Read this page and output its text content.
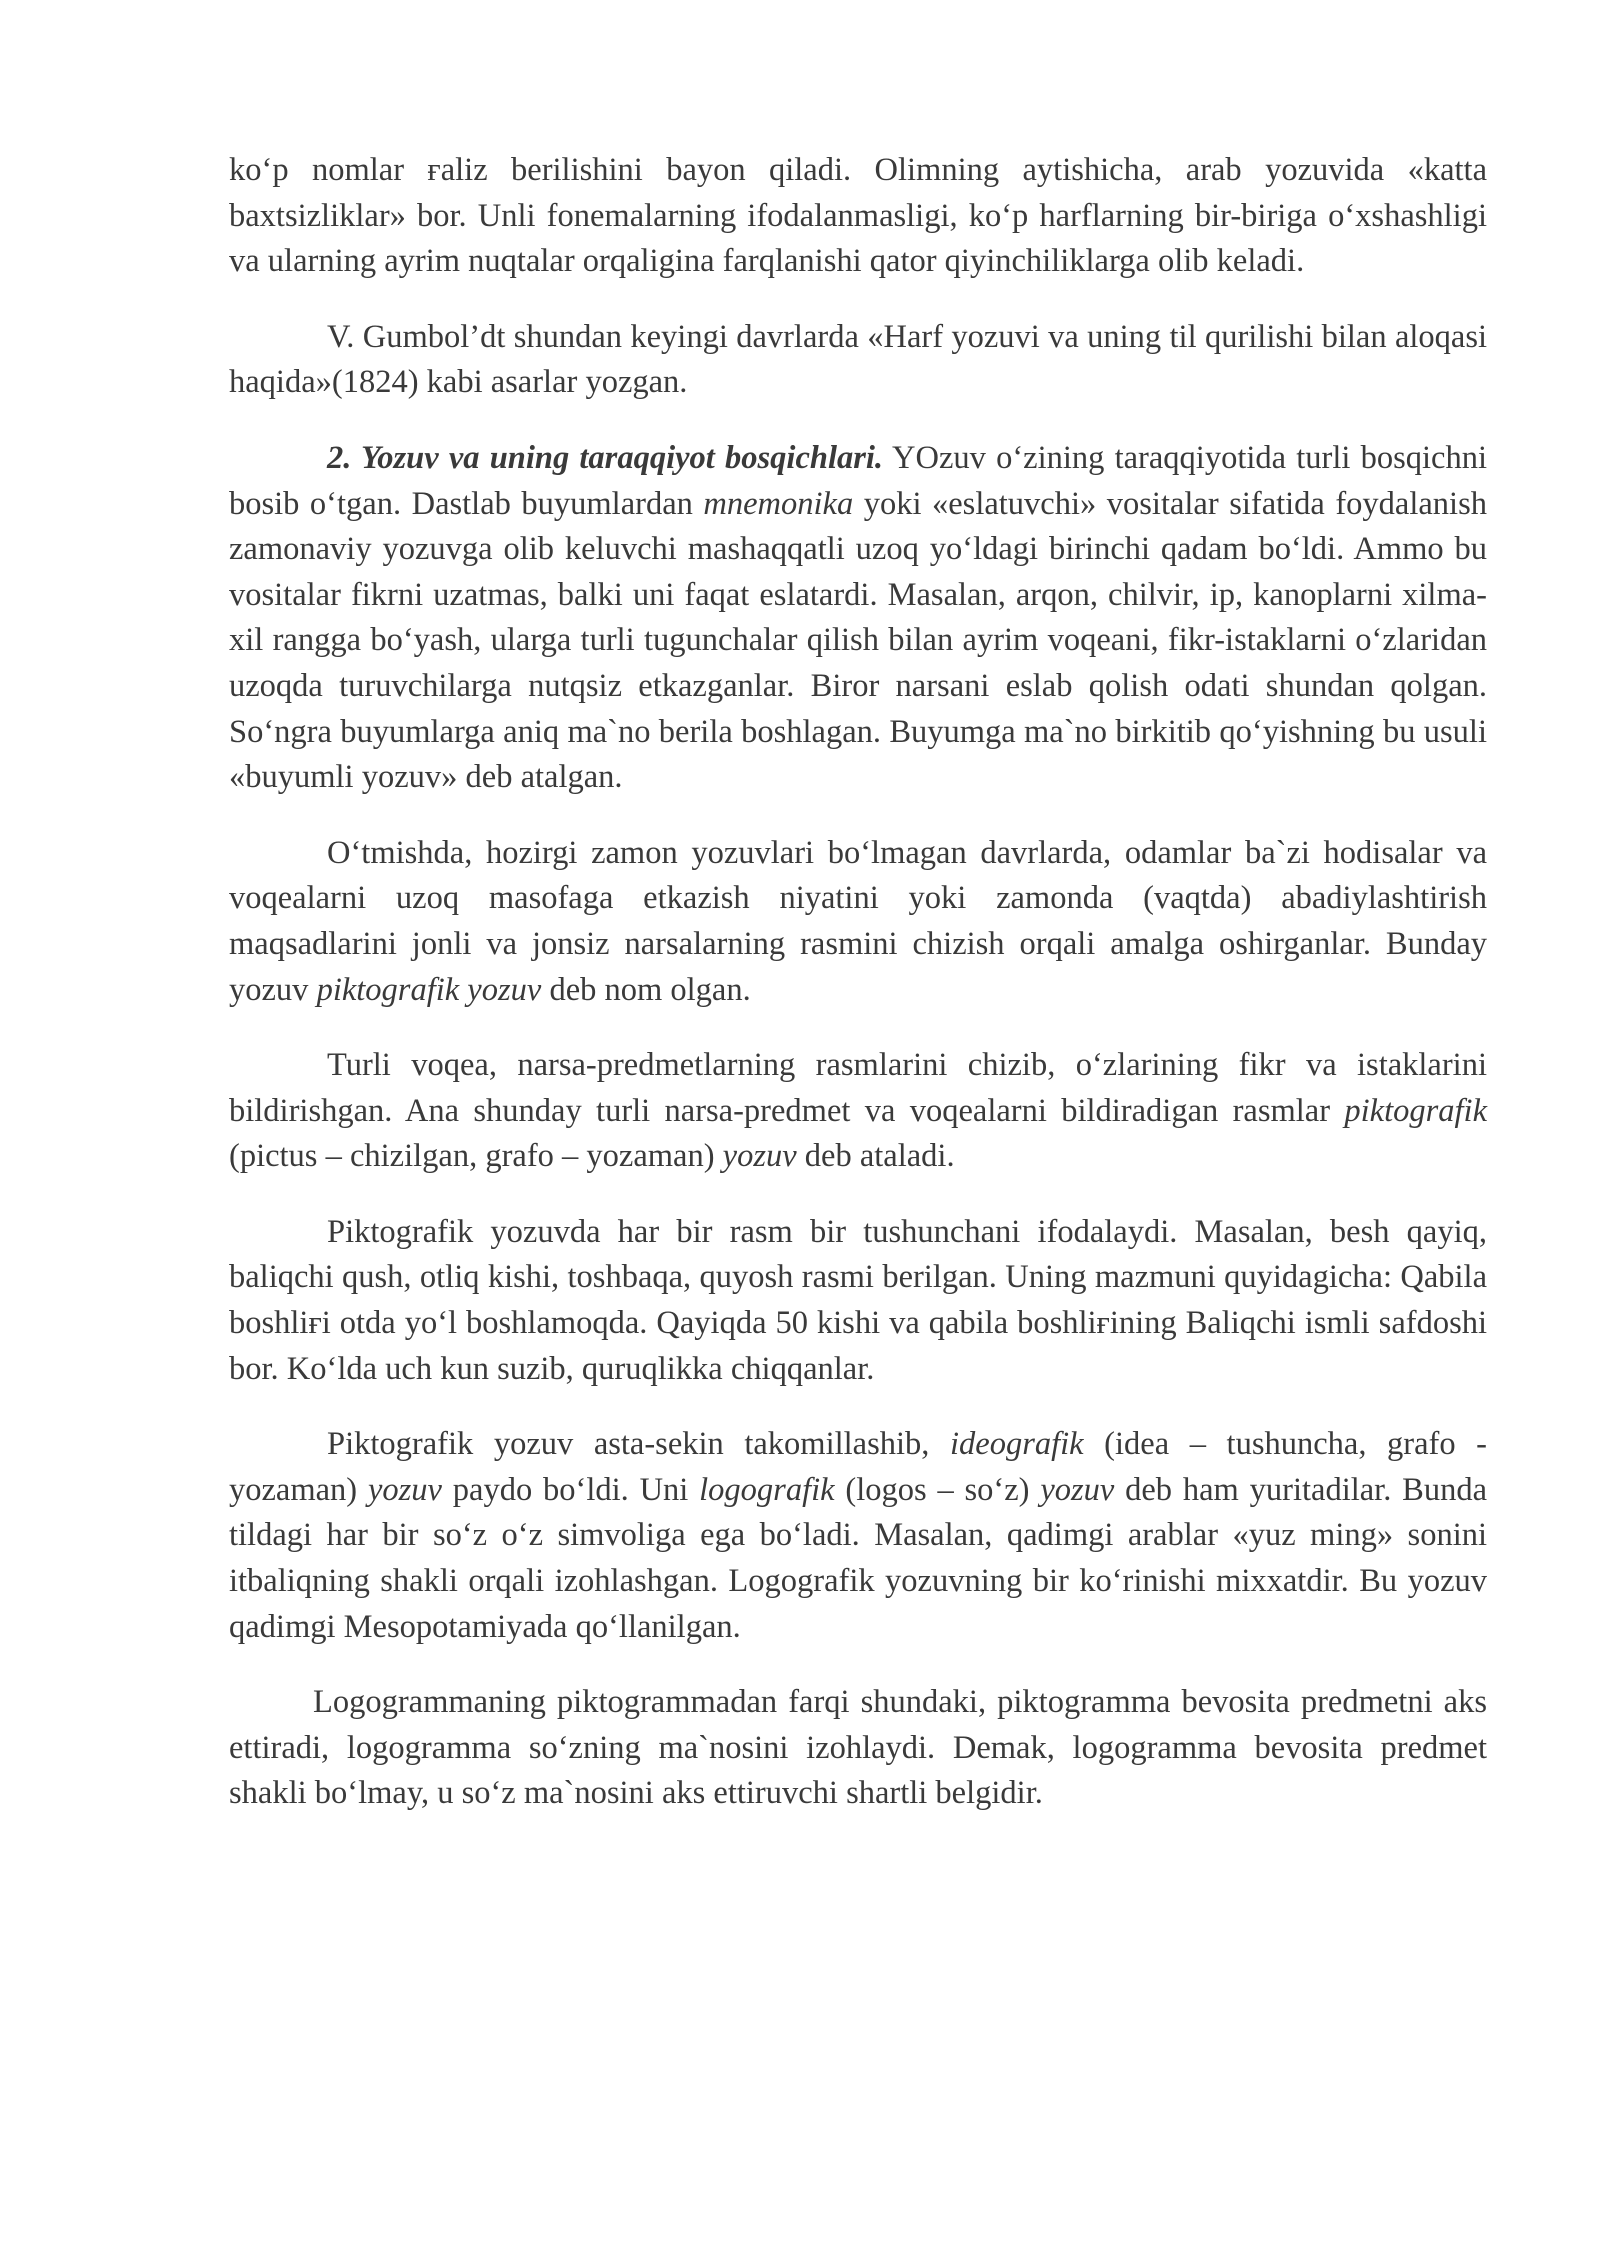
ko‘p nomlar ғaliz berilishini bayon qiladi. Olimning aytishicha, arab yozuvida «katta baxtsizliklar» bor. Unli fonemalarning ifodalanmasligi, ko‘p harflarning bir-biriga o‘xshashligi va ularning ayrim nuqtalar orqaligina farqlanishi qator qiyinchiliklarga olib keladi.

V. Gumbol’dt shundan keyingi davrlarda «Harf yozuvi va uning til qurilishi bilan aloqasi haqida»(1824) kabi asarlar yozgan.

2. Yozuv va uning taraqqiyot bosqichlari. YOzuv o‘zining taraqqiyotida turli bosqichni bosib o‘tgan. Dastlab buyumlardan mnemonika yoki «eslatuvchi» vositalar sifatida foydalanish zamonaviy yozuvga olib keluvchi mashaqqatli uzoq yo‘ldagi birinchi qadam bo‘ldi. Ammo bu vositalar fikrni uzatmas, balki uni faqat eslatardi. Masalan, arqon, chilvir, ip, kanoplarni xilma-xil rangga bo‘yash, ularga turli tugunchalar qilish bilan ayrim voqeani, fikr-istaklarni o‘zlaridan uzoqda turuvchilarga nutqsiz etkazganlar. Biror narsani eslab qolish odati shundan qolgan. So‘ngra buyumlarga aniq ma`no berila boshlagan. Buyumga ma`no birkitib qo‘yishning bu usuli «buyumli yozuv» deb atalgan.

O‘tmishda, hozirgi zamon yozuvlari bo‘lmagan davrlarda, odamlar ba`zi hodisalar va voqealarni uzoq masofaga etkazish niyatini yoki zamonda (vaqtda) abadiylashtirish maqsadlarini jonli va jonsiz narsalarning rasmini chizish orqali amalga oshirganlar. Bunday yozuv piktografik yozuv deb nom olgan.

Turli voqea, narsa-predmetlarning rasmlarini chizib, o‘zlarining fikr va istaklarini bildirishgan. Ana shunday turli narsa-predmet va voqealarni bildiradigan rasmlar piktografik (pictus – chizilgan, grafo – yozaman) yozuv deb ataladi.

Piktografik yozuvda har bir rasm bir tushunchani ifodalaydi. Masalan, besh qayiq, baliqchi qush, otliq kishi, toshbaqa, quyosh rasmi berilgan. Uning mazmuni quyidagicha: Qabila boshliғi otda yo‘l boshlamoqda. Qayiqda 50 kishi va qabila boshliғining Baliqchi ismli safdoshi bor. Ko‘lda uch kun suzib, quruqlikka chiqqanlar.

Piktografik yozuv asta-sekin takomillashib, ideografik (idea – tushuncha, grafo - yozaman) yozuv paydo bo‘ldi. Uni logografik (logos – so‘z) yozuv deb ham yuritadilar. Bunda tildagi har bir so‘z o‘z simvoliga ega bo‘ladi. Masalan, qadimgi arablar «yuz ming» sonini itbaliqning shakli orqali izohlashgan. Logografik yozuvning bir ko‘rinishi mixxatdir. Bu yozuv qadimgi Mesopotamiyada qo‘llanilgan.

Logogrammaning piktogrammadan farqi shundaki, piktogramma bevosita predmetni aks ettiradi, logogramma so‘zning ma`nosini izohlaydi. Demak, logogramma bevosita predmet shakli bo‘lmay, u so‘z ma`nosini aks ettiruvchi shartli belgidir.
